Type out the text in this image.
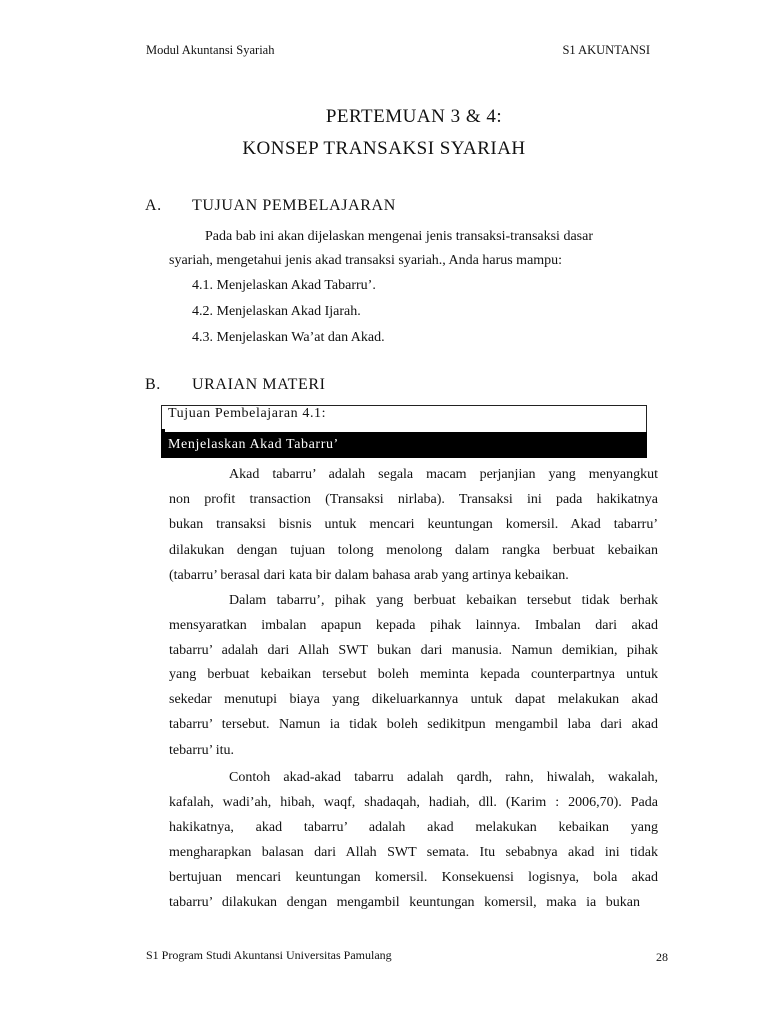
Modul Akuntansi Syariah	S1 AKUNTANSI
PERTEMUAN 3 & 4:
KONSEP TRANSAKSI SYARIAH
A. TUJUAN PEMBELAJARAN
Pada bab ini akan dijelaskan mengenai jenis transaksi-transaksi dasar
syariah, mengetahui jenis akad transaksi syariah., Anda harus mampu:
4.1. Menjelaskan Akad Tabarru’.
4.2. Menjelaskan Akad Ijarah.
4.3. Menjelaskan Wa’at dan Akad.
B. URAIAN MATERI
Tujuan Pembelajaran 4.1:
Menjelaskan Akad Tabarru’
Akad tabarru’ adalah segala macam perjanjian yang menyangkut
non profit transaction (Transaksi nirlaba). Transaksi ini pada hakikatnya
bukan transaksi bisnis untuk mencari keuntungan komersil. Akad tabarru’
dilakukan dengan tujuan tolong menolong dalam rangka berbuat kebaikan
(tabarru’ berasal dari kata bir dalam bahasa arab yang artinya kebaikan.
Dalam tabarru’, pihak yang berbuat kebaikan tersebut tidak berhak
mensyaratkan imbalan apapun kepada pihak lainnya. Imbalan dari akad
tabarru’ adalah dari Allah SWT bukan dari manusia. Namun demikian, pihak
yang berbuat kebaikan tersebut boleh meminta kepada counterpartnya untuk
sekedar menutupi biaya yang dikeluarkannya untuk dapat melakukan akad
tabarru’ tersebut. Namun ia tidak boleh sedikitpun mengambil laba dari akad
tebarru’ itu.
Contoh akad-akad tabarru adalah qardh, rahn, hiwalah, wakalah,
kafalah, wadi’ah, hibah, waqf, shadaqah, hadiah, dll. (Karim : 2006,70). Pada
hakikatnya, akad tabarru’ adalah akad melakukan kebaikan yang
mengharapkan balasan dari Allah SWT semata. Itu sebabnya akad ini tidak
bertujuan mencari keuntungan komersil. Konsekuensi logisnya, bola akad
tabarru’ dilakukan dengan mengambil keuntungan komersil, maka ia bukan
S1 Program Studi Akuntansi Universitas Pamulang	28
